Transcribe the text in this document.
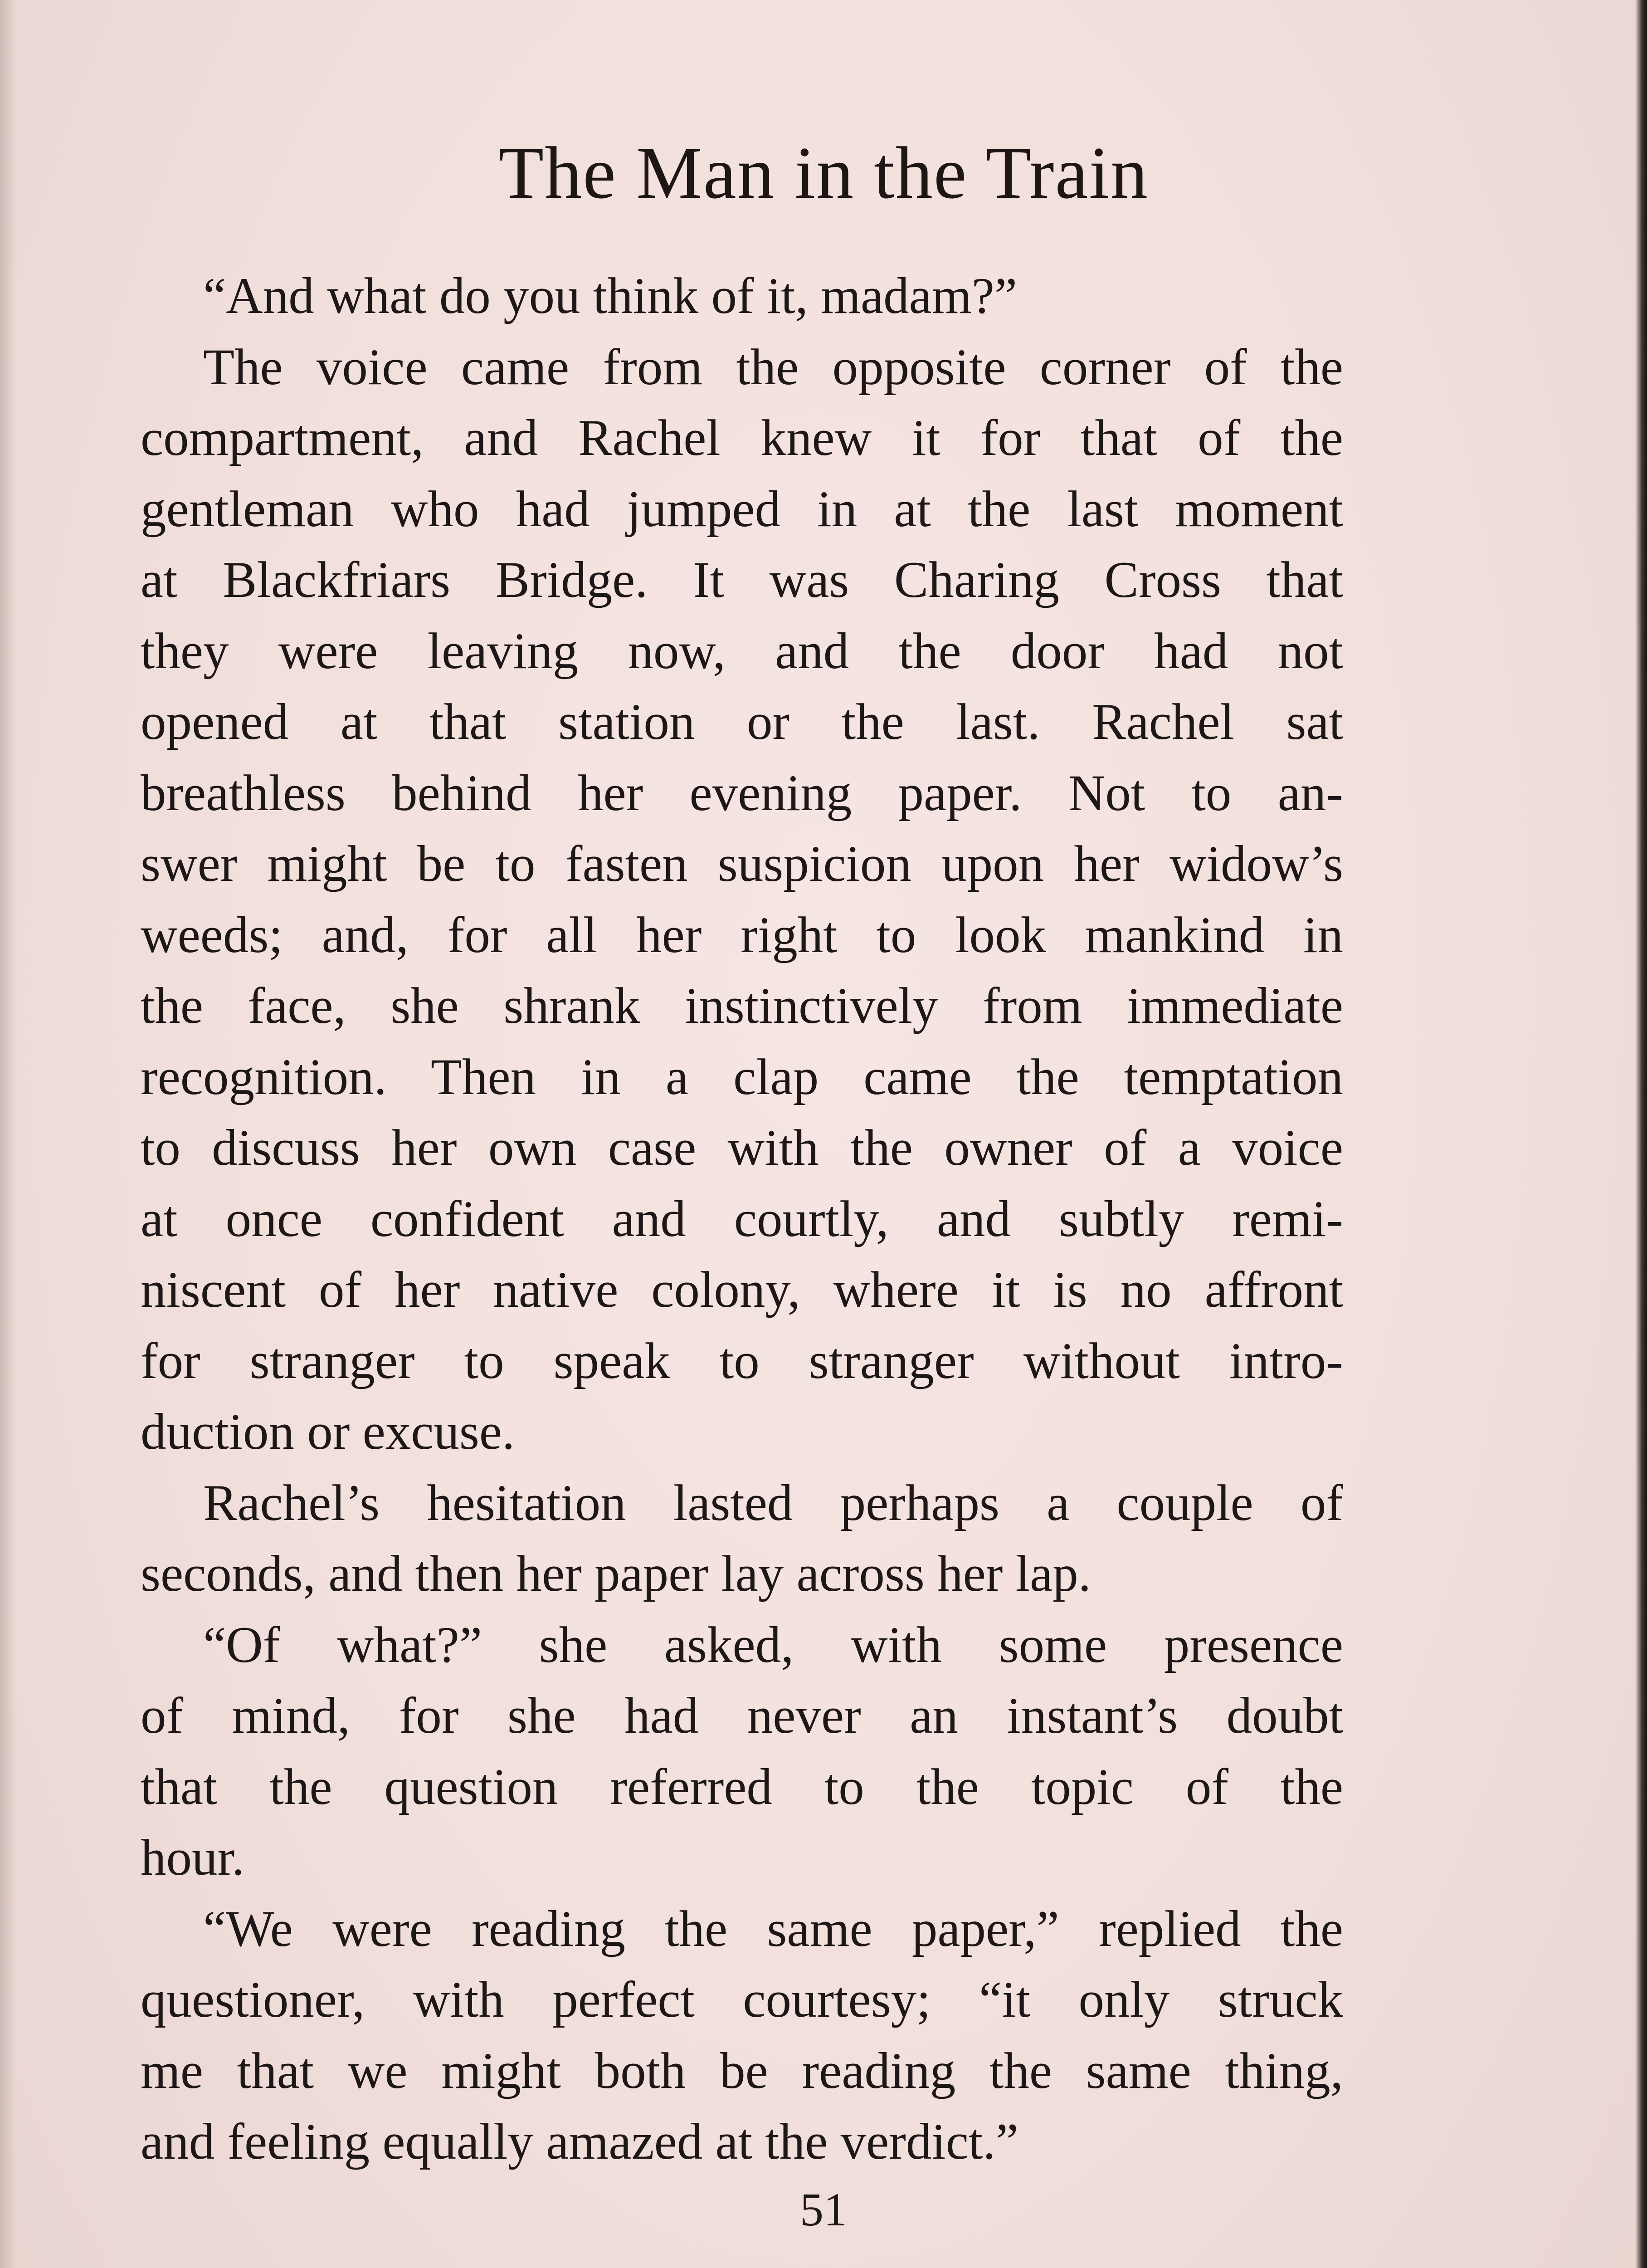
The Man in the Train
“And what do you think of it, madam?”
The voice came from the opposite corner of the
compartment, and Rachel knew it for that of the
gentleman who had jumped in at the last moment
at Blackfriars Bridge. It was Charing Cross that
they were leaving now, and the door had not
opened at that station or the last. Rachel sat
breathless behind her evening paper. Not to an-
swer might be to fasten suspicion upon her widow’s
weeds; and, for all her right to look mankind in
the face, she shrank instinctively from immediate
recognition. Then in a clap came the temptation
to discuss her own case with the owner of a voice
at once confident and courtly, and subtly remi-
niscent of her native colony, where it is no affront
for stranger to speak to stranger without intro-
duction or excuse.
Rachel’s hesitation lasted perhaps a couple of
seconds, and then her paper lay across her lap.
“Of what?” she asked, with some presence
of mind, for she had never an instant’s doubt
that the question referred to the topic of the
hour.
“We were reading the same paper,” replied the
questioner, with perfect courtesy; “it only struck
me that we might both be reading the same thing,
and feeling equally amazed at the verdict.”
51
